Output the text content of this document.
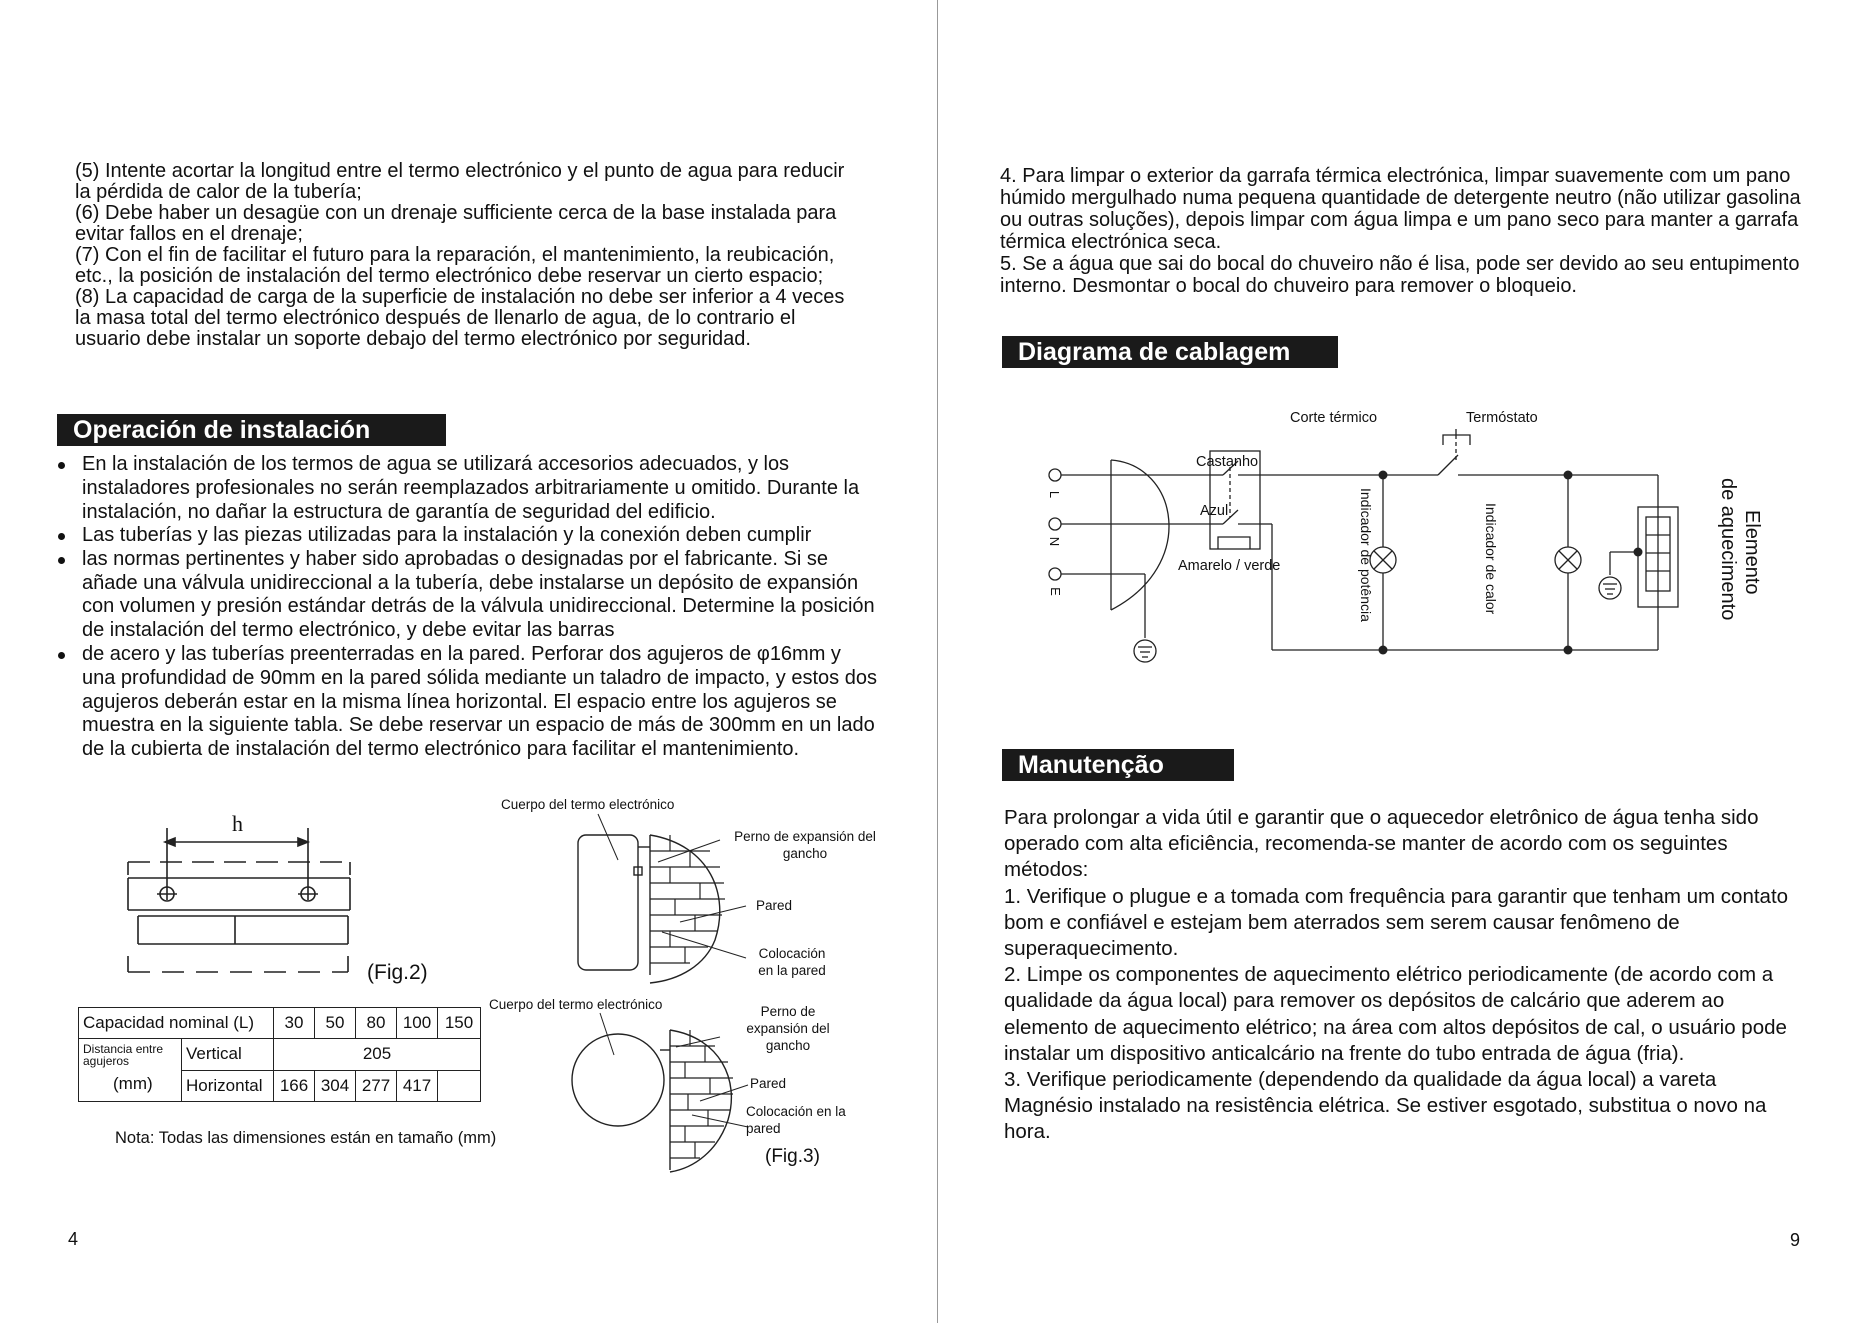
(5) Intente acortar la longitud entre el termo electrónico y el punto de agua para reducir la pérdida de calor de la tubería;

(6) Debe haber un desagüe con un drenaje sufficiente cerca de la base instalada para evitar fallos en el drenaje;

(7) Con el fin de facilitar el futuro para la reparación, el mantenimiento, la reubicación, etc., la posición de instalación del termo electrónico debe reservar un cierto espacio;

(8) La capacidad de carga de la superficie de instalación no debe ser inferior a 4 veces la masa total del termo electrónico después de llenarlo de agua, de lo contrario el usuario debe instalar un soporte debajo del termo electrónico por seguridad.

Operación de instalación
En la instalación de los termos de agua se utilizará accesorios adecuados, y los instaladores profesionales no serán reemplazados arbitrariamente u omitido. Durante la instalación, no dañar la estructura de garantía de seguridad del edificio.
Las tuberías y las piezas utilizadas para la instalación y la conexión deben cumplir
las normas pertinentes y haber sido aprobadas o designadas por el fabricante. Si se añade una válvula unidireccional a la tubería, debe instalarse un depósito de expansión con volumen y presión estándar detrás de la válvula unidireccional. Determine la posición de instalación del termo electrónico, y debe evitar las barras
de acero y las tuberías preenterradas en la pared. Perforar dos agujeros de φ16mm y una profundidad de 90mm en la pared sólida mediante un taladro de impacto, y estos dos agujeros deberán estar en la misma línea horizontal. El espacio entre los agujeros se muestra en la siguiente tabla. Se debe reservar un espacio de más de 300mm en un lado de la cubierta de instalación del termo electrónico para facilitar el mantenimiento.
h
(Fig.2)
Cuerpo del termo electrónico
Perno de expansión del gancho
Pared
Colocación en la pared
Capacidad nominal (L)		30	50	80	100	150

Distancia entre agujeros
(mm)	Vertical	205				
	Horizontal	166	304	277	417	
Cuerpo del termo electrónico	Perno de expansión del gancho
Pared
Colocación en la pared
(Fig.3)
Nota: Todas las dimensiones están en tamaño (mm)
4

4. Para limpar o exterior da garrafa térmica electrónica, limpar suavemente com um pano húmido mergulhado numa pequena quantidade de detergente neutro (não utilizar gasolina ou outras soluções), depois limpar com água limpa e um pano seco para manter a garrafa térmica electrónica seca.

5. Se a água que sai do bocal do chuveiro não é lisa, pode ser devido ao seu entupimento interno. Desmontar o bocal do chuveiro para remover o bloqueio.

Diagrama de cablagem
Corte térmico	Termóstato
Castanho
Azul
Amarelo / verde
L
N
E	Indicador de potência	Indicador de calor	Elemento
de aquecimento
Manutenção

Para prolongar a vida útil e garantir que o aquecedor eletrônico de água tenha sido operado com alta eficiência, recomenda-se manter de acordo com os seguintes métodos:

1. Verifique o plugue e a tomada com frequência para garantir que tenham um contato bom e confiável e estejam bem aterrados sem serem causar fenômeno de superaquecimento.

2. Limpe os componentes de aquecimento elétrico periodicamente (de acordo com a qualidade da água local) para remover os depósitos de calcário que aderem ao elemento de aquecimento elétrico; na área com altos depósitos de cal, o usuário pode instalar um dispositivo anticalcário na frente do tubo entrada de água (fria).

3. Verifique periodicamente (dependendo da qualidade da água local) a vareta Magnésio instalado na resistência elétrica. Se estiver esgotado, substitua o novo na hora.

9
